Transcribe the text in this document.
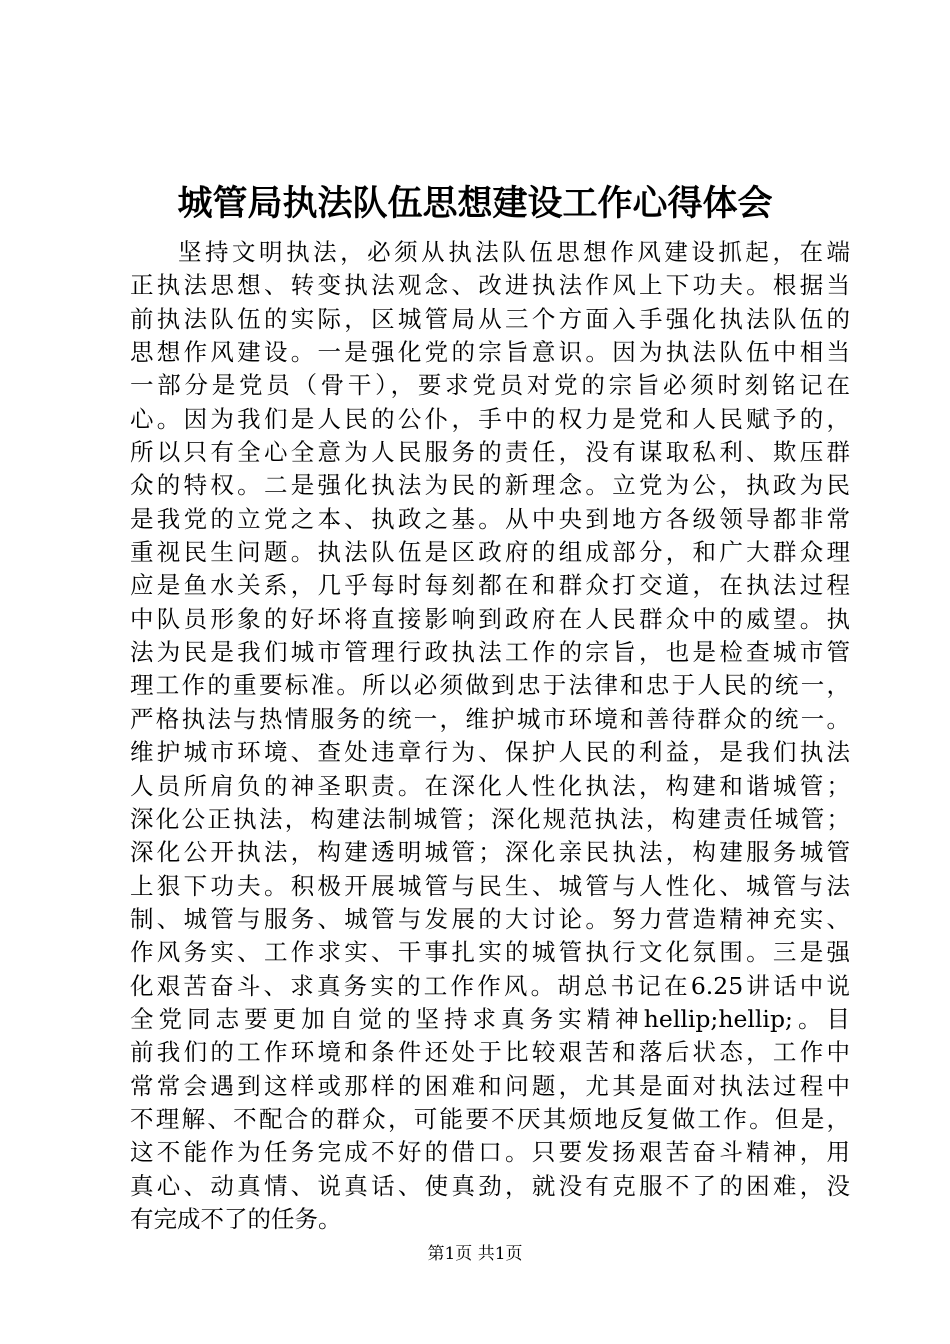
城管局执法队伍思想建设工作心得体会
坚持文明执法，必须从执法队伍思想作风建设抓起，在端
正执法思想、转变执法观念、改进执法作风上下功夫。根据当
前执法队伍的实际，区城管局从三个方面入手强化执法队伍的
思想作风建设。一是强化党的宗旨意识。因为执法队伍中相当
一部分是党员（骨干），要求党员对党的宗旨必须时刻铭记在
心。因为我们是人民的公仆，手中的权力是党和人民赋予的，
所以只有全心全意为人民服务的责任，没有谋取私利、欺压群
众的特权。二是强化执法为民的新理念。立党为公，执政为民
是我党的立党之本、执政之基。从中央到地方各级领导都非常
重视民生问题。执法队伍是区政府的组成部分，和广大群众理
应是鱼水关系，几乎每时每刻都在和群众打交道，在执法过程
中队员形象的好坏将直接影响到政府在人民群众中的威望。执
法为民是我们城市管理行政执法工作的宗旨，也是检查城市管
理工作的重要标准。所以必须做到忠于法律和忠于人民的统一，
严格执法与热情服务的统一，维护城市环境和善待群众的统一。
维护城市环境、查处违章行为、保护人民的利益，是我们执法
人员所肩负的神圣职责。在深化人性化执法，构建和谐城管；
深化公正执法，构建法制城管；深化规范执法，构建责任城管；
深化公开执法，构建透明城管；深化亲民执法，构建服务城管
上狠下功夫。积极开展城管与民生、城管与人性化、城管与法
制、城管与服务、城管与发展的大讨论。努力营造精神充实、
作风务实、工作求实、干事扎实的城管执行文化氛围。三是强
化艰苦奋斗、求真务实的工作作风。胡总书记在6.25讲话中说
全党同志要更加自觉的坚持求真务实精神hellip;hellip;。目
前我们的工作环境和条件还处于比较艰苦和落后状态，工作中
常常会遇到这样或那样的困难和问题，尤其是面对执法过程中
不理解、不配合的群众，可能要不厌其烦地反复做工作。但是，
这不能作为任务完成不好的借口。只要发扬艰苦奋斗精神，用
真心、动真情、说真话、使真劲，就没有克服不了的困难，没
有完成不了的任务。
第1页 共1页
